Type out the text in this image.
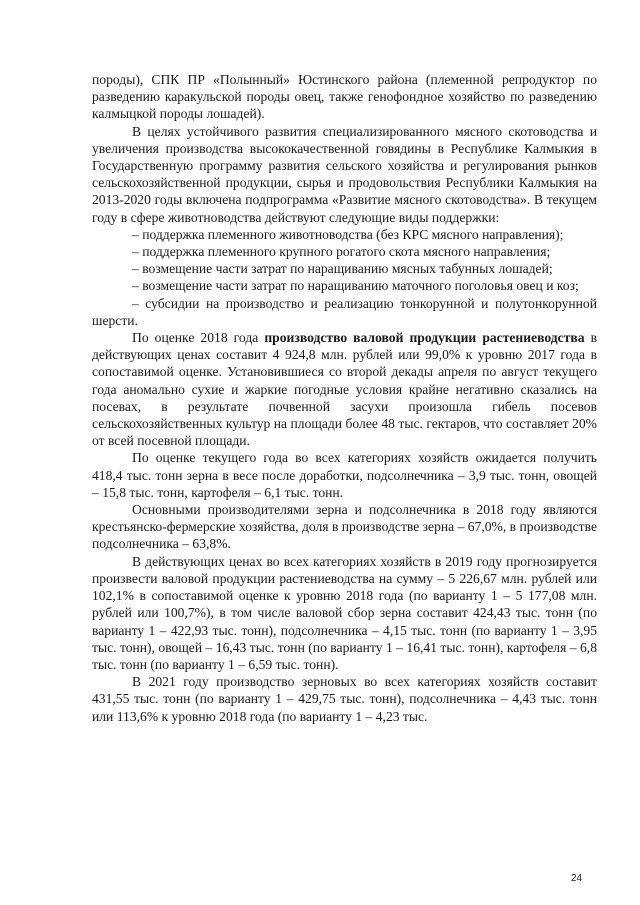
породы), СПК ПР «Полынный» Юстинского района (племенной репродуктор по разведению каракульской породы овец, также генофондное хозяйство по разведению калмыцкой породы лошадей).

В целях устойчивого развития специализированного мясного скотоводства и увеличения производства высококачественной говядины в Республике Калмыкия в Государственную программу развития сельского хозяйства и регулирования рынков сельскохозяйственной продукции, сырья и продовольствия Республики Калмыкия на 2013-2020 годы включена подпрограмма «Развитие мясного скотоводства». В текущем году в сфере животноводства действуют следующие виды поддержки:

– поддержка племенного животноводства (без КРС мясного направления);

– поддержка племенного крупного рогатого скота мясного направления;

– возмещение части затрат по наращиванию мясных табунных лошадей;

– возмещение части затрат по наращиванию маточного поголовья овец и коз;

– субсидии на производство и реализацию тонкорунной и полутонкорунной шерсти.

По оценке 2018 года производство валовой продукции растениеводства в действующих ценах составит 4 924,8 млн. рублей или 99,0% к уровню 2017 года в сопоставимой оценке. Установившиеся со второй декады апреля по август текущего года аномально сухие и жаркие погодные условия крайне негативно сказались на посевах, в результате почвенной засухи произошла гибель посевов сельскохозяйственных культур на площади более 48 тыс. гектаров, что составляет 20% от всей посевной площади.

По оценке текущего года во всех категориях хозяйств ожидается получить 418,4 тыс. тонн зерна в весе после доработки, подсолнечника – 3,9 тыс. тонн, овощей – 15,8 тыс. тонн, картофеля – 6,1 тыс. тонн.

Основными производителями зерна и подсолнечника в 2018 году являются крестьянско-фермерские хозяйства, доля в производстве зерна – 67,0%, в производстве подсолнечника – 63,8%.

В действующих ценах во всех категориях хозяйств в 2019 году прогнозируется произвести валовой продукции растениеводства на сумму – 5 226,67 млн. рублей или 102,1% в сопоставимой оценке к уровню 2018 года (по варианту 1 – 5 177,08 млн. рублей или 100,7%), в том числе валовой сбор зерна составит 424,43 тыс. тонн (по варианту 1 – 422,93 тыс. тонн), подсолнечника – 4,15 тыс. тонн (по варианту 1 – 3,95 тыс. тонн), овощей – 16,43 тыс. тонн (по варианту 1 – 16,41 тыс. тонн), картофеля – 6,8 тыс. тонн (по варианту 1 – 6,59 тыс. тонн).

В 2021 году производство зерновых во всех категориях хозяйств составит 431,55 тыс. тонн (по варианту 1 – 429,75 тыс. тонн), подсолнечника – 4,43 тыс. тонн или 113,6% к уровню 2018 года (по варианту 1 – 4,23 тыс.

24
